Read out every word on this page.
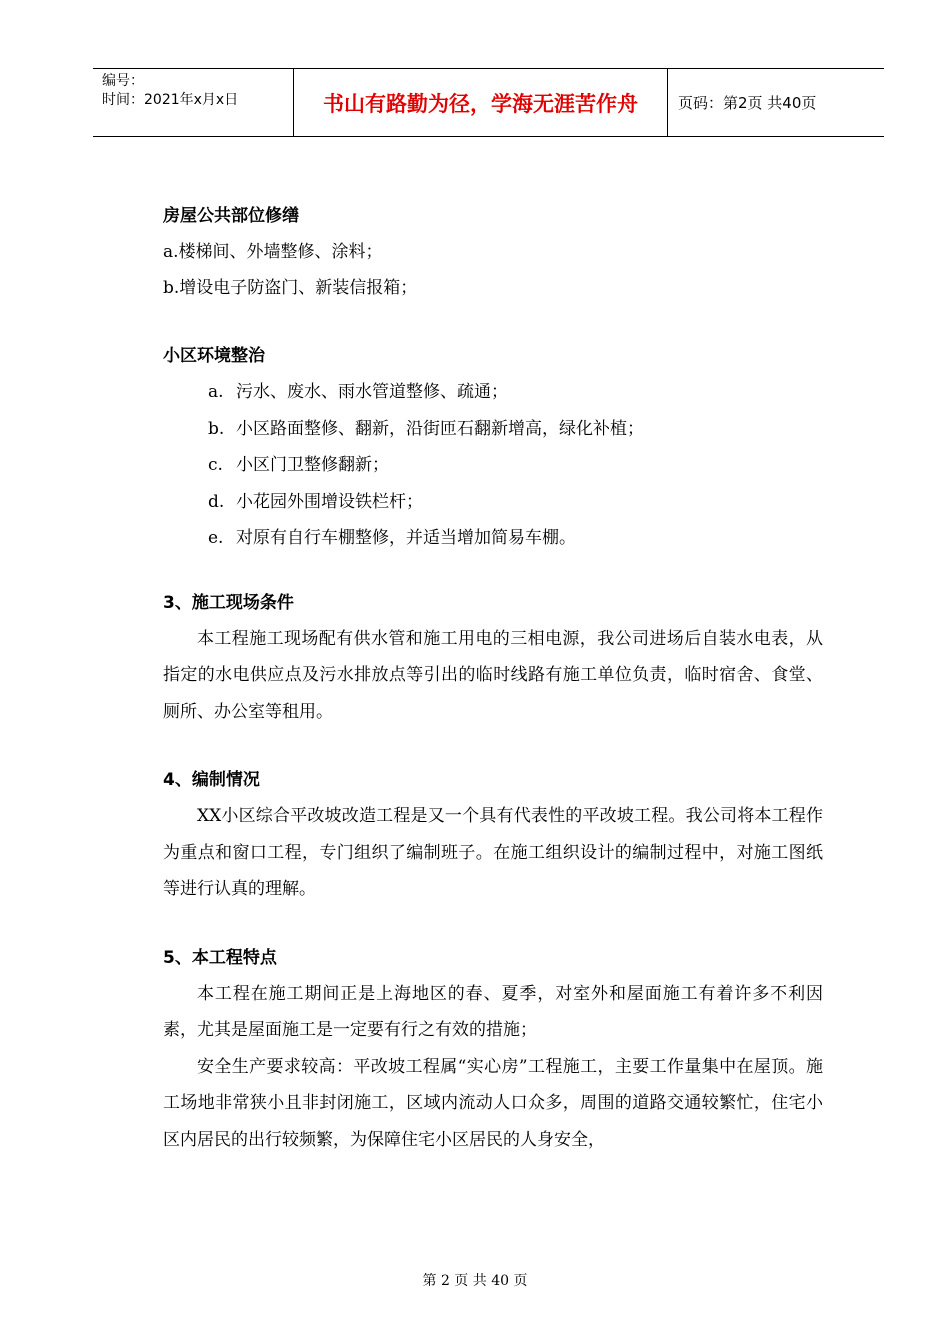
编号：
时间：2021年x月x日	书山有路勤为径，学海无涯苦作舟	页码：第2页 共40页
房屋公共部位修缮
a.楼梯间、外墙整修、涂料；
b.增设电子防盗门、新装信报箱；
小区环境整治
a. 污水、废水、雨水管道整修、疏通；
b. 小区路面整修、翻新，沿街匝石翻新增高，绿化补植；
c. 小区门卫整修翻新；
d. 小花园外围增设铁栏杆；
e. 对原有自行车棚整修，并适当增加简易车棚。
3、施工现场条件
本工程施工现场配有供水管和施工用电的三相电源，我公司进场后自装水电表，从指定的水电供应点及污水排放点等引出的临时线路有施工单位负责，临时宿舍、食堂、厕所、办公室等租用。
4、编制情况
XX小区综合平改坡改造工程是又一个具有代表性的平改坡工程。我公司将本工程作为重点和窗口工程，专门组织了编制班子。在施工组织设计的编制过程中，对施工图纸等进行认真的理解。
5、本工程特点
本工程在施工期间正是上海地区的春、夏季，对室外和屋面施工有着许多不利因素，尤其是屋面施工是一定要有行之有效的措施；
安全生产要求较高：平改坡工程属“实心房”工程施工，主要工作量集中在屋顶。施工场地非常狭小且非封闭施工，区域内流动人口众多，周围的道路交通较繁忙，住宅小区内居民的出行较频繁，为保障住宅小区居民的人身安全，
第 2 页 共 40 页
